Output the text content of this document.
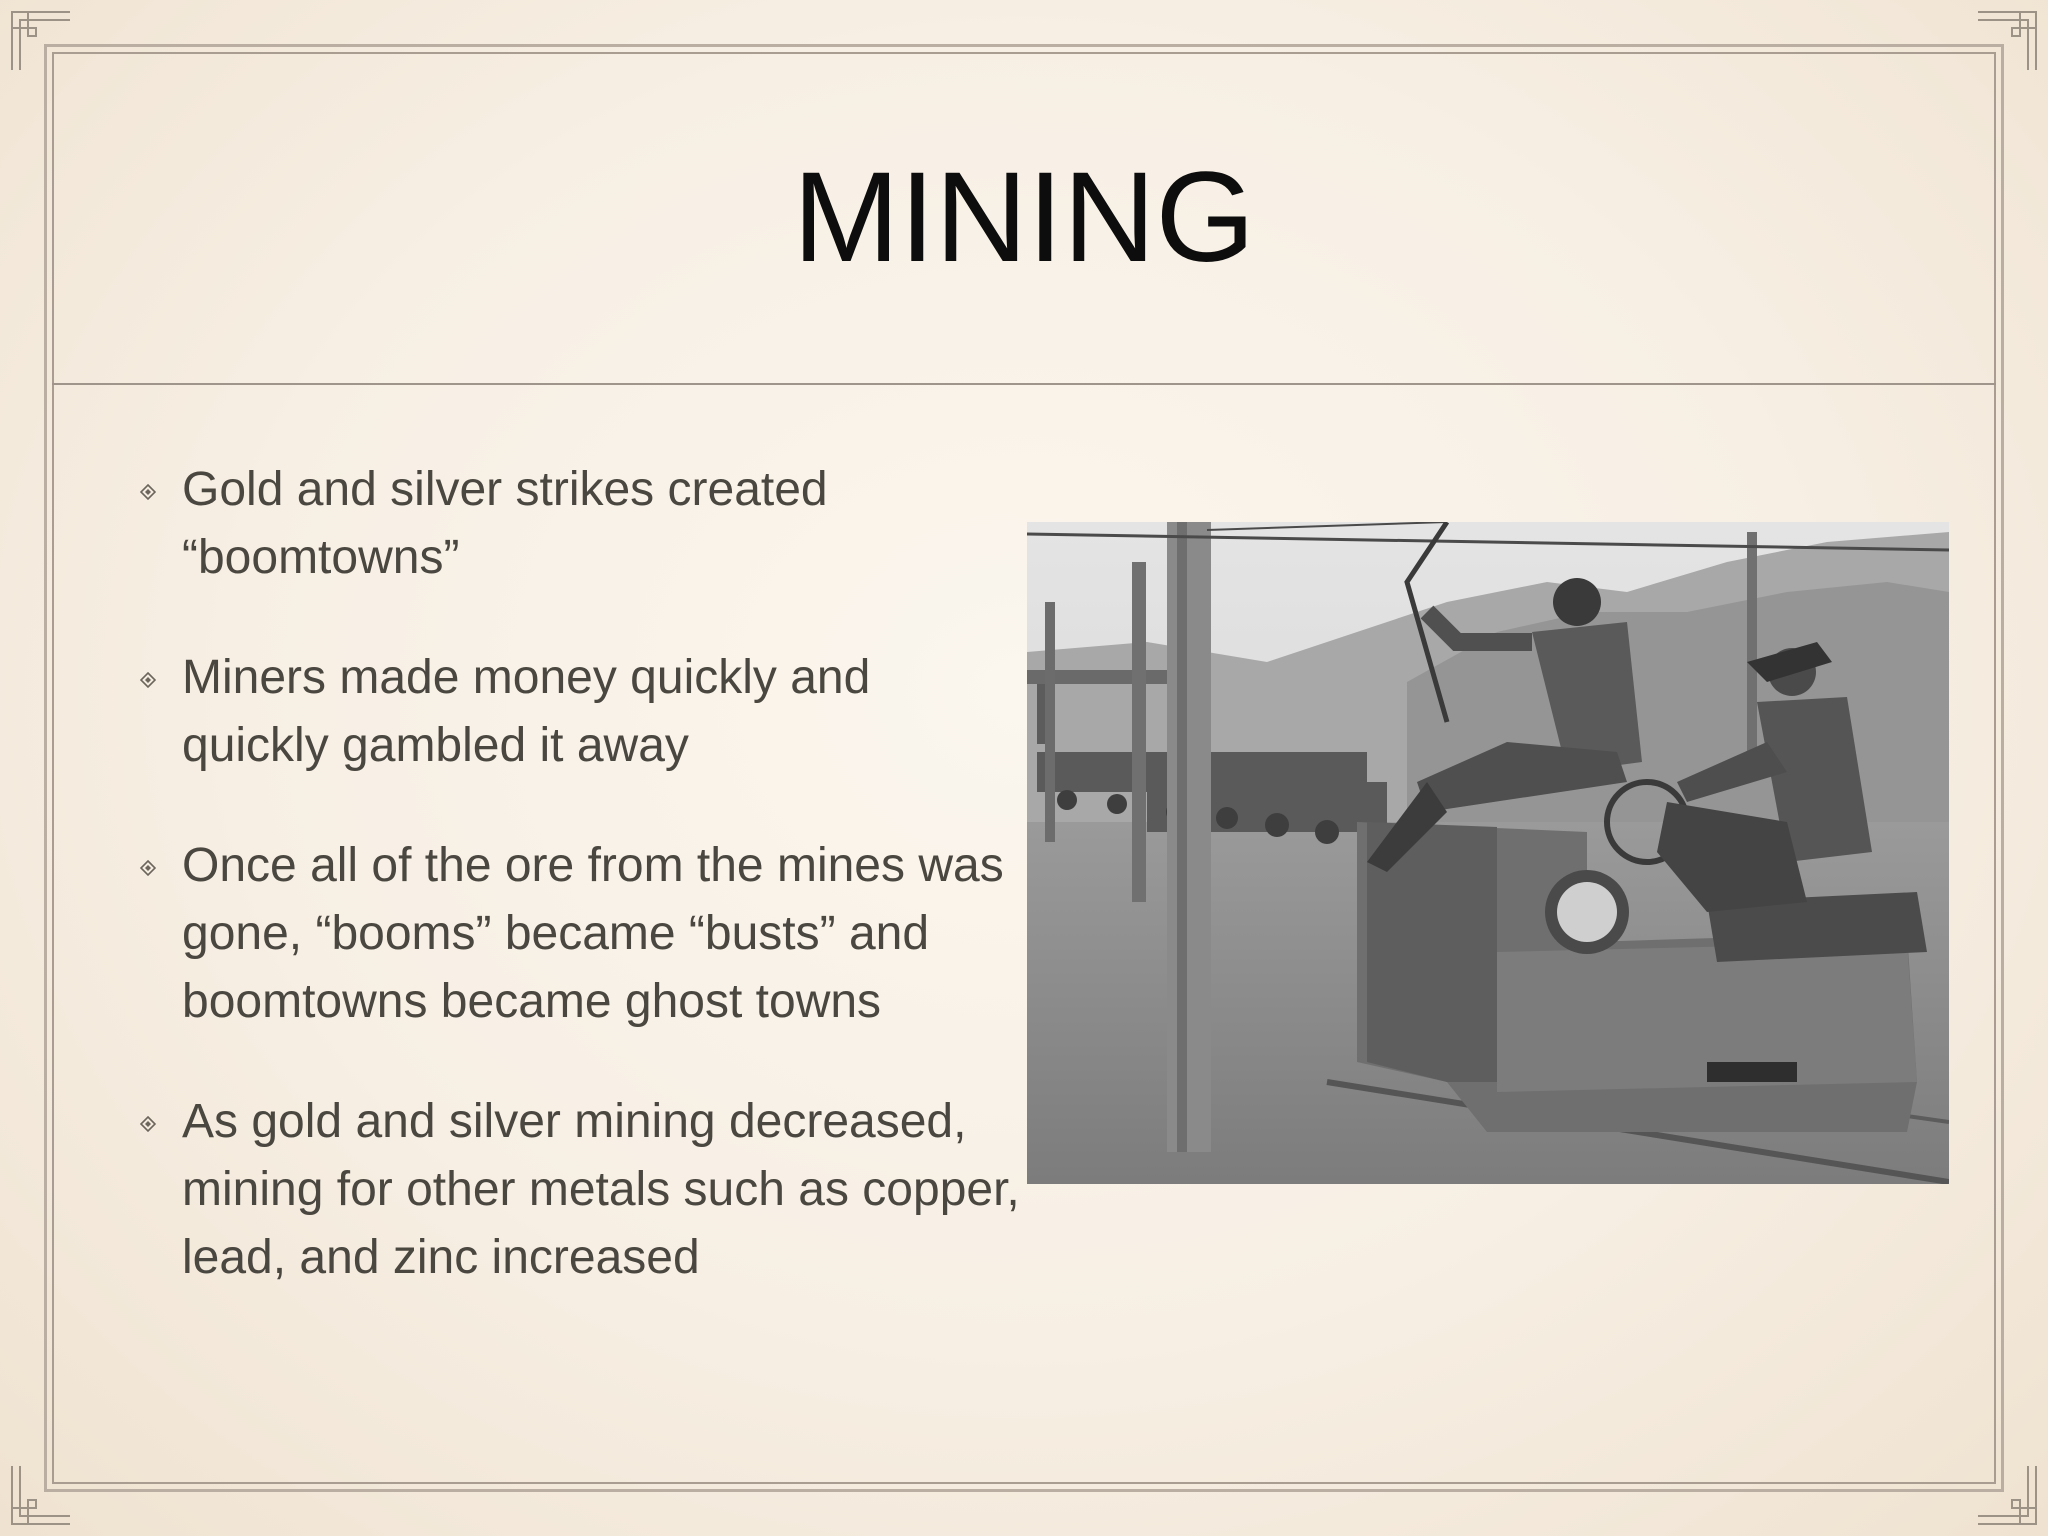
MINING
Gold and silver strikes created “boomtowns”
Miners made money quickly and quickly gambled it away
Once all of the ore from the mines was gone, “booms” became “busts” and boomtowns became ghost towns
As gold and silver mining decreased, mining for other metals such as copper, lead, and zinc increased
